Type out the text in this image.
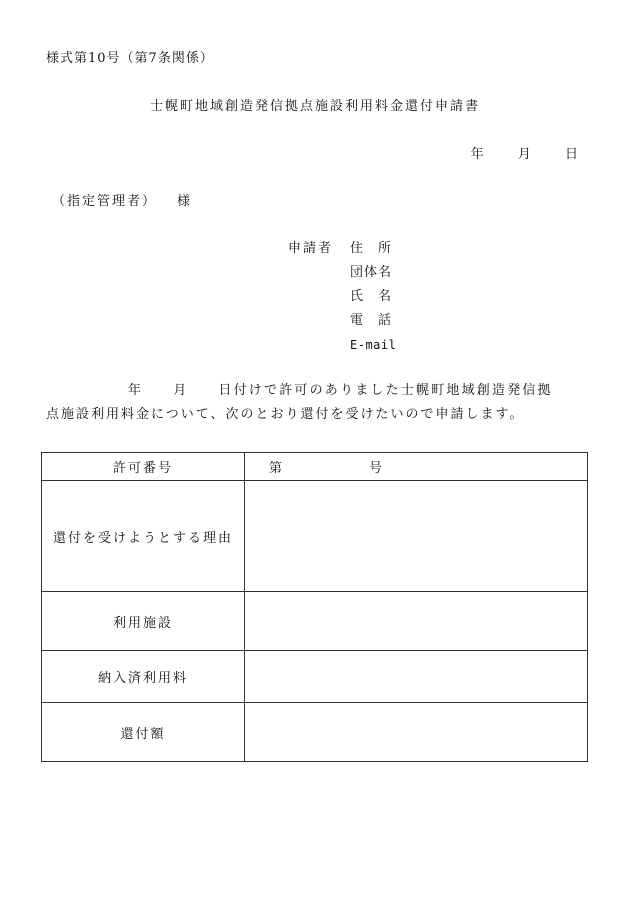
様式第10号（第7条関係）
士幌町地域創造発信拠点施設利用料金還付申請書
年	月	日
（指定管理者） 様
申請者 住　所
団体名
氏　名
電　話
E-mail
年 月 日付けで許可のありました士幌町地域創造発信拠
点施設利用料金について、次のとおり還付を受けたいので申請します。
許可番号	第 号
還付を受けようとする理由	
利用施設	
納入済利用料	
還付額	
